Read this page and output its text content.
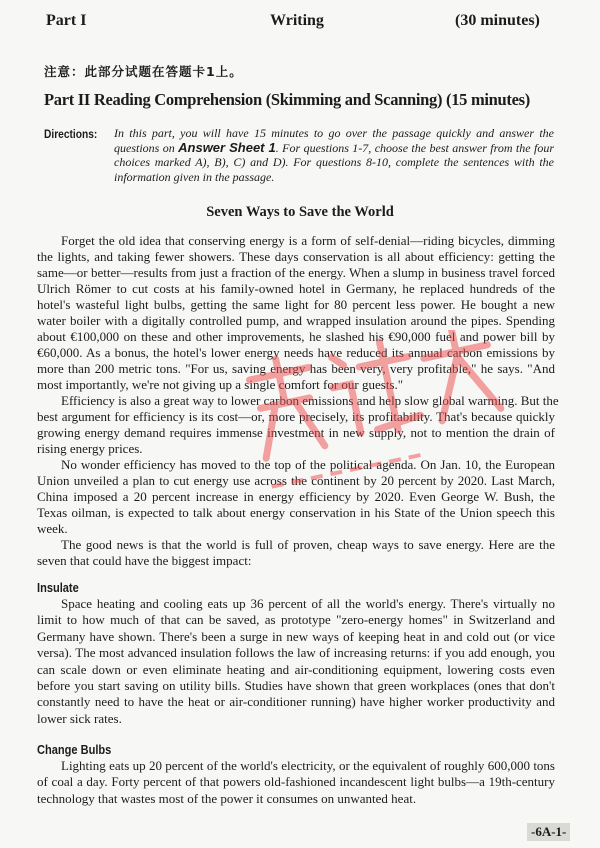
Part I	Writing	(30 minutes)
注意：此部分试题在答题卡1上。
Part II Reading Comprehension (Skimming and Scanning) (15 minutes)
Directions: In this part, you will have 15 minutes to go over the passage quickly and answer the questions on Answer Sheet 1. For questions 1-7, choose the best answer from the four choices marked A), B), C) and D). For questions 8-10, complete the sentences with the information given in the passage.
Seven Ways to Save the World
Forget the old idea that conserving energy is a form of self-denial—riding bicycles, dimming
the lights, and taking fewer showers. These days conservation is all about efficiency: getting the
same—or better—results from just a fraction of the energy. When a slump in business travel forced
Ulrich Römer to cut costs at his family-owned hotel in Germany, he replaced hundreds of the
hotel's wasteful light bulbs, getting the same light for 80 percent less power. He bought a new
water boiler with a digitally controlled pump, and wrapped insulation around the pipes. Spending
about €100,000 on these and other improvements, he slashed his €90,000 fuel and power bill by
€60,000. As a bonus, the hotel's lower energy needs have reduced its annual carbon emissions by
more than 200 metric tons. "For us, saving energy has been very, very profitable," he says. "And
most importantly, we're not giving up a single comfort for our guests."
Efficiency is also a great way to lower carbon emissions and help slow global warming. But the
best argument for efficiency is its cost—or, more precisely, its profitability. That's because quickly
growing energy demand requires immense investment in new supply, not to mention the drain of
rising energy prices.
No wonder efficiency has moved to the top of the political agenda. On Jan. 10, the European
Union unveiled a plan to cut energy use across the continent by 20 percent by 2020. Last March,
China imposed a 20 percent increase in energy efficiency by 2020. Even George W. Bush, the
Texas oilman, is expected to talk about energy conservation in his State of the Union speech this
week.
The good news is that the world is full of proven, cheap ways to save energy. Here are the
seven that could have the biggest impact:
Insulate
Space heating and cooling eats up 36 percent of all the world's energy. There's virtually no
limit to how much of that can be saved, as prototype "zero-energy homes" in Switzerland and
Germany have shown. There's been a surge in new ways of keeping heat in and cold out (or vice
versa). The most advanced insulation follows the law of increasing returns: if you add enough, you
can scale down or even eliminate heating and air-conditioning equipment, lowering costs even
before you start saving on utility bills. Studies have shown that green workplaces (ones that don't
constantly need to have the heat or air-conditioner running) have higher worker productivity and
lower sick rates.
Change Bulbs
Lighting eats up 20 percent of the world's electricity, or the equivalent of roughly 600,000 tons
of coal a day. Forty percent of that powers old-fashioned incandescent light bulbs—a 19th-century
technology that wastes most of the power it consumes on unwanted heat.
-6A-1-
